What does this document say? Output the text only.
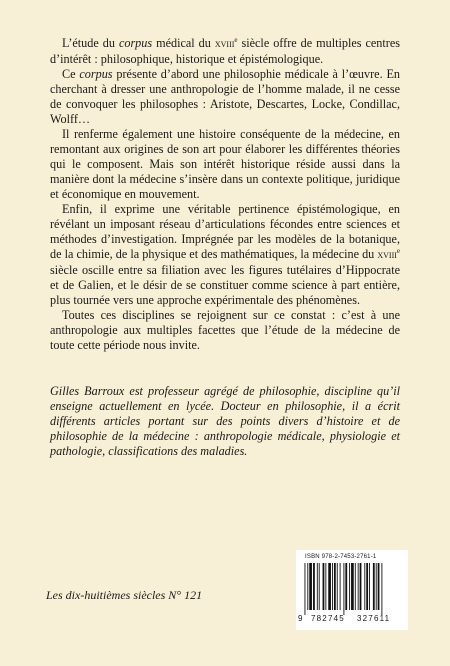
L’étude du corpus médical du xviii$^e$ siècle offre de multiples centres d’intérêt : philosophique, historique et épistémologique.

Ce corpus présente d’abord une philosophie médicale à l’œuvre. En cherchant à dresser une anthropologie de l’homme malade, il ne cesse de convoquer les philosophes : Aristote, Descartes, Locke, Condillac, Wolff…

Il renferme également une histoire conséquente de la médecine, en remontant aux origines de son art pour élaborer les différentes théories qui le composent. Mais son intérêt historique réside aussi dans la manière dont la médecine s’insère dans un contexte politique, juridique et économique en mouvement.

Enfin, il exprime une véritable pertinence épistémologique, en révélant un imposant réseau d’articulations fécondes entre sciences et méthodes d’investigation. Imprégnée par les modèles de la botanique, de la chimie, de la physique et des mathématiques, la médecine du xviii$^e$ siècle oscille entre sa filiation avec les figures tutélaires d’Hippocrate et de Galien, et le désir de se constituer comme science à part entière, plus tournée vers une approche expérimentale des phénomènes.

Toutes ces disciplines se rejoignent sur ce constat : c’est à une anthropologie aux multiples facettes que l’étude de la médecine de toute cette période nous invite.

Gilles Barroux est professeur agrégé de philosophie, discipline qu’il enseigne actuellement en lycée. Docteur en philosophie, il a écrit différents articles portant sur des points divers d’histoire et de philosophie de la médecine : anthropologie médicale, physiologie et pathologie, classifications des maladies.

Les dix-huitièmes siècles N° 121
ISBN 978-2-7453-2761-1
9 782745 327611
